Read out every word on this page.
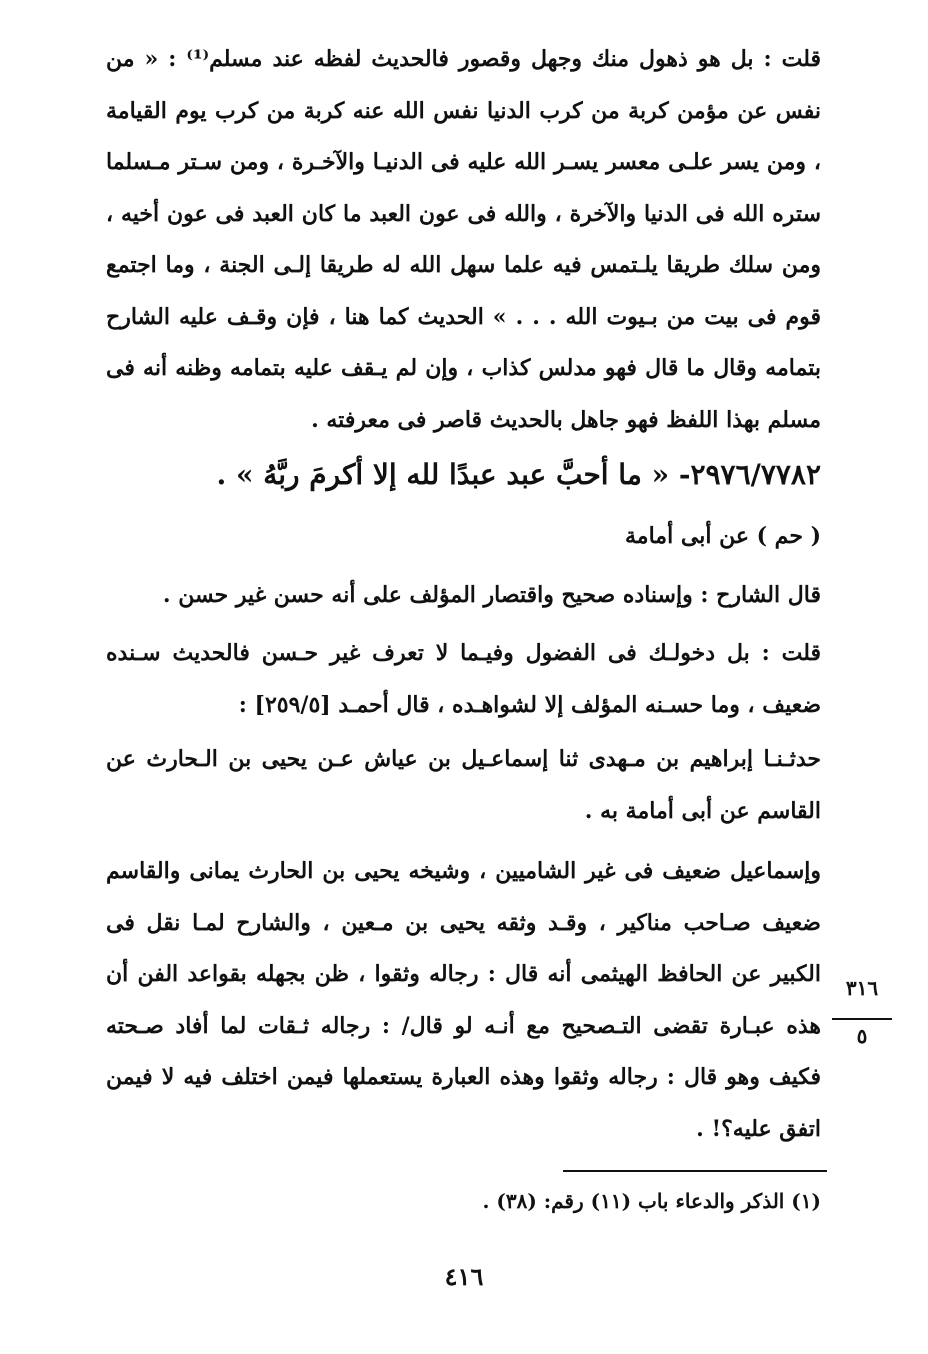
قلت : بل هو ذهول منك وجهل وقصور فالحديث لفظه عند مسلم⁽¹⁾ : « من نفس عن مؤمن كربة من كرب الدنيا نفس الله عنه كربة من كرب يوم القيامة ، ومن يسر علـى معسر يسـر الله عليه فى الدنيـا والآخـرة ، ومن سـتر مـسلما ستره الله فى الدنيا والآخرة ، والله فى عون العبد ما كان العبد فى عون أخيه ، ومن سلك طريقا يلـتمس فيه علما سهل الله له طريقا إلـى الجنة ، وما اجتمع قوم فى بيت من بـيوت الله . . . » الحديث كما هنا ، فإن وقـف عليه الشارح بتمامه وقال ما قال فهو مدلس كذاب ، وإن لم يـقف عليه بتمامه وظنه أنه فى مسلم بهذا اللفظ فهو جاهل بالحديث قاصر فى معرفته .

٢٩٧٦/٧٧٨٢- « ما أحبَّ عبد عبدًا لله إلا أكرمَ ربَّهُ » .
( حم ) عن أبى أمامة

قال الشارح : وإسناده صحيح واقتصار المؤلف على أنه حسن غير حسن .

قلت : بل دخولـك فى الفضول وفيـما لا تعرف غير حـسن فالحديث سـنده ضعيف ، وما حسـنه المؤلف إلا لشواهـده ، قال أحمـد [٢٥٩/٥] :

حدثـنـا إبراهيم بن مـهدى ثنا إسماعـيل بن عياش عـن يحيى بن الـحارث عن القاسم عن أبى أمامة به .

وإسماعيل ضعيف فى غير الشاميين ، وشيخه يحيى بن الحارث يمانى والقاسم ضعيف صـاحب مناكير ، وقـد وثقه يحيى بن مـعين ، والشارح لمـا نقل فى الكبير عن الحافظ الهيثمى أنه قال : رجاله وثقوا ، ظن بجهله بقواعد الفن أن هذه عبـارة تقضى التـصحيح مع أنـه لو قال/ : رجاله ثـقات لما أفاد صـحته فكيف وهو قال : رجاله وثقوا وهذه العبارة يستعملها فيمن اختلف فيه لا فيمن اتفق عليه؟! .

٣١٦
٥
(١) الذكر والدعاء باب (١١) رقم: (٣٨) .
٤١٦
